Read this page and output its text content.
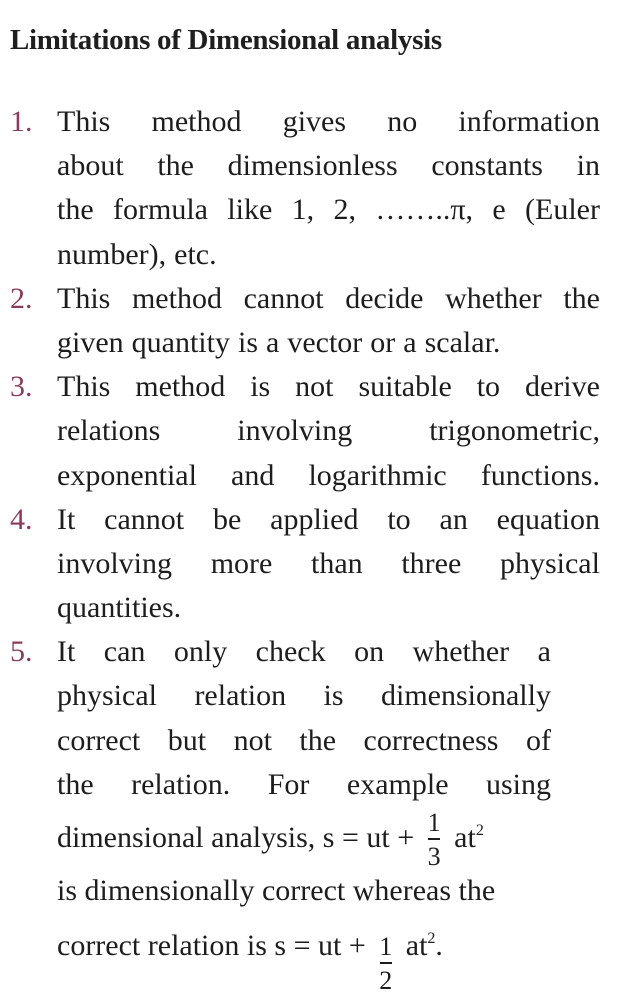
Limitations of Dimensional analysis
1. This method gives no information
about the dimensionless constants in
the formula like 1, 2, ……..π, e (Euler
number), etc.
2. This method cannot decide whether the
given quantity is a vector or a scalar.
3. This method is not suitable to derive
relations	involving	trigonometric,
exponential and logarithmic functions.
4. It cannot be applied to an equation
involving more than three physical
quantities.
5. It can only check on whether a
physical relation is dimensionally
correct but not the correctness of
the relation. For example using
dimensional analysis, s = ut + $\frac{1}{3} at^2$
is dimensionally correct whereas the
correct relation is s = ut + $\frac{1}{2} at^2$.
